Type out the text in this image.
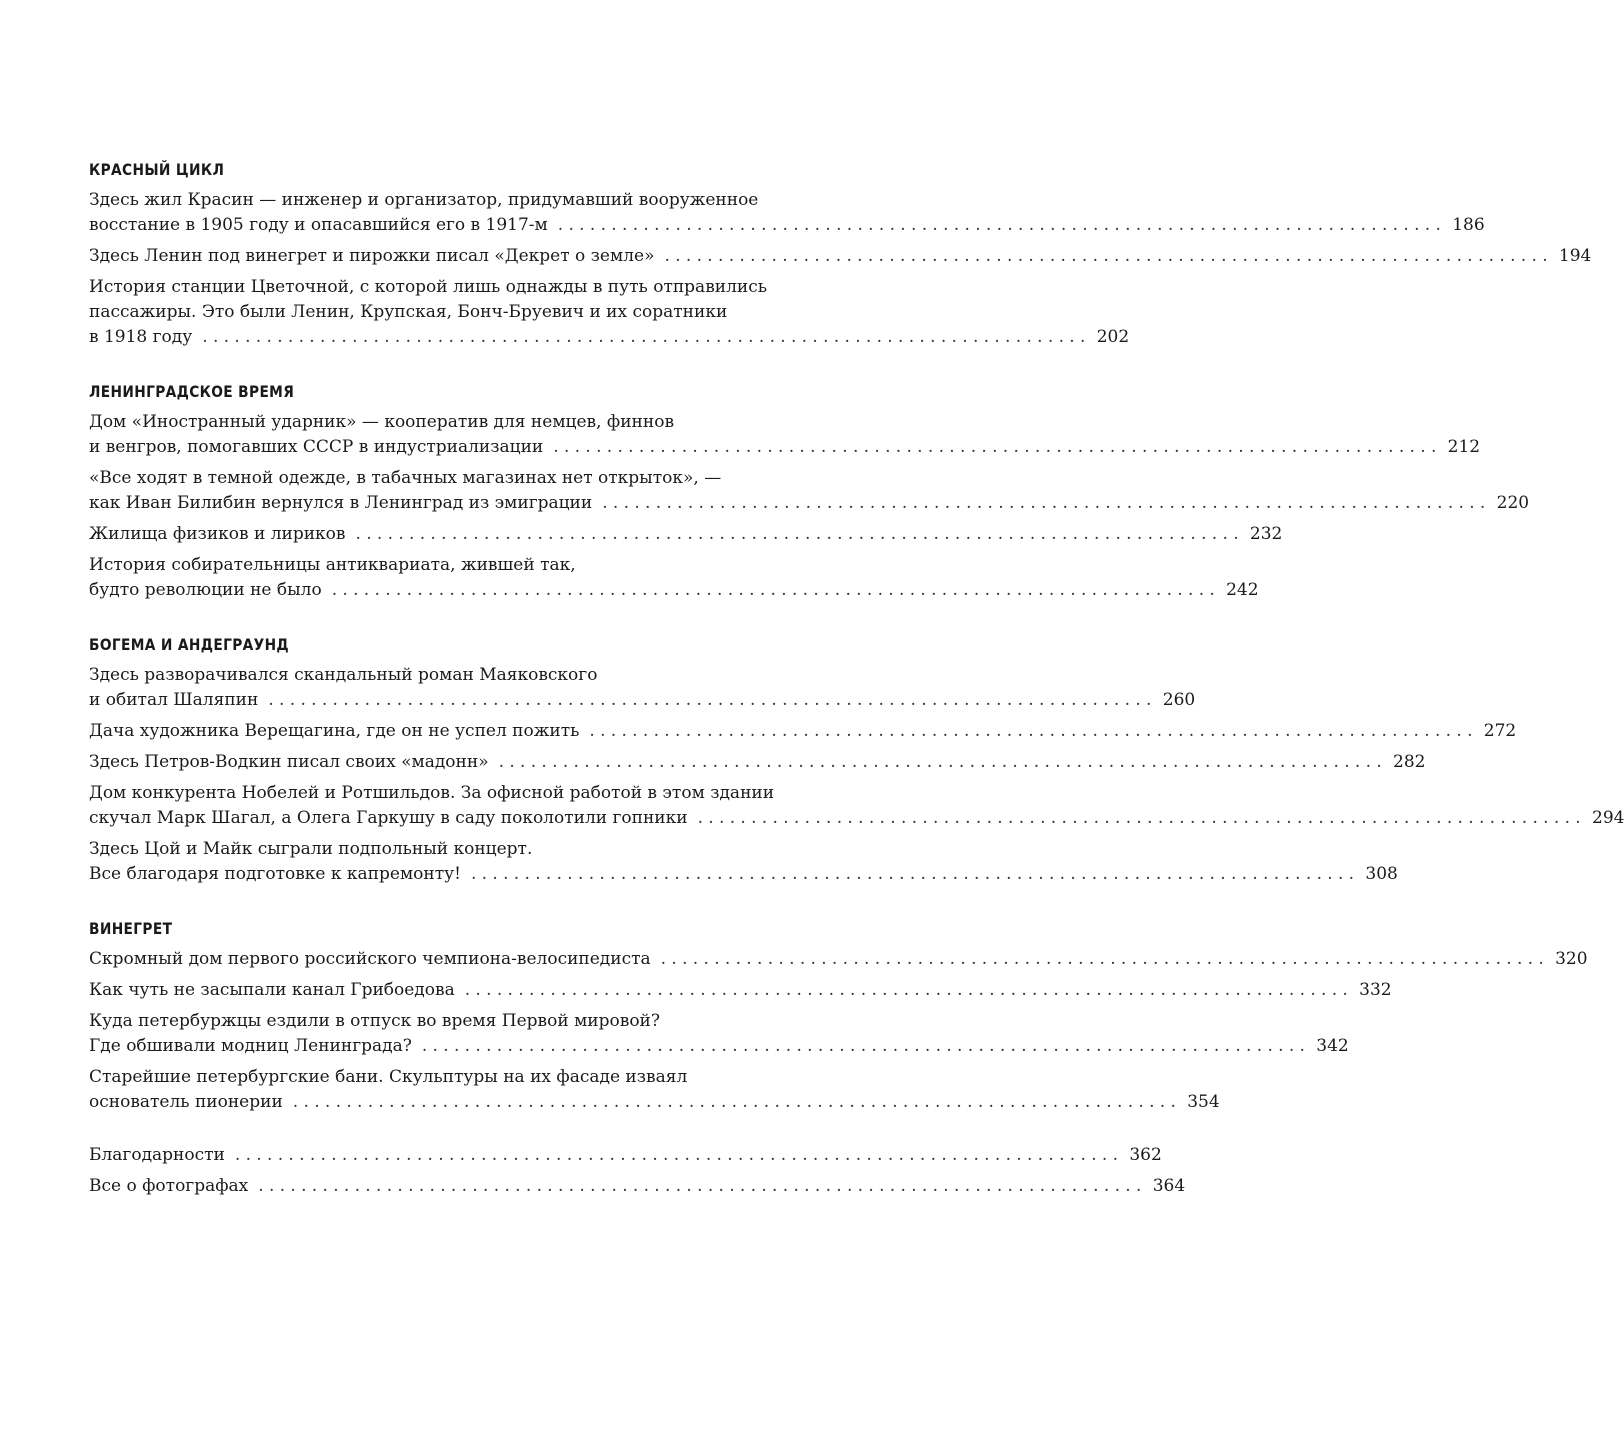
КРАСНЫЙ ЦИКЛ
Здесь жил Красин — инженер и организатор, придумавший вооруженное
восстание в 1905 году и опасавшийся его в 1917-м ................................................................................... 186
Здесь Ленин под винегрет и пирожки писал «Декрет о земле» ................................................................................... 194
История станции Цветочной, с которой лишь однажды в путь отправились
пассажиры. Это были Ленин, Крупская, Бонч-Бруевич и их соратники
в 1918 году ................................................................................... 202
ЛЕНИНГРАДСКОЕ ВРЕМЯ
Дом «Иностранный ударник» — кооператив для немцев, финнов
и венгров, помогавших СССР в индустриализации ................................................................................... 212
«Все ходят в темной одежде, в табачных магазинах нет открыток», —
как Иван Билибин вернулся в Ленинград из эмиграции ................................................................................... 220
Жилища физиков и лириков ................................................................................... 232
История собирательницы антиквариата, жившей так,
будто революции не было ................................................................................... 242
БОГЕМА И АНДЕГРАУНД
Здесь разворачивался скандальный роман Маяковского
и обитал Шаляпин ................................................................................... 260
Дача художника Верещагина, где он не успел пожить ................................................................................... 272
Здесь Петров-Водкин писал своих «мадонн» ................................................................................... 282
Дом конкурента Нобелей и Ротшильдов. За офисной работой в этом здании
скучал Марк Шагал, а Олега Гаркушу в саду поколотили гопники ................................................................................... 294
Здесь Цой и Майк сыграли подпольный концерт.
Все благодаря подготовке к капремонту! ................................................................................... 308
ВИНЕГРЕТ
Скромный дом первого российского чемпиона-велосипедиста ................................................................................... 320
Как чуть не засыпали канал Грибоедова ................................................................................... 332
Куда петербуржцы ездили в отпуск во время Первой мировой?
Где обшивали модниц Ленинграда? ................................................................................... 342
Старейшие петербургские бани. Скульптуры на их фасаде изваял
основатель пионерии ................................................................................... 354
Благодарности ................................................................................... 362
Все о фотографах ................................................................................... 364
